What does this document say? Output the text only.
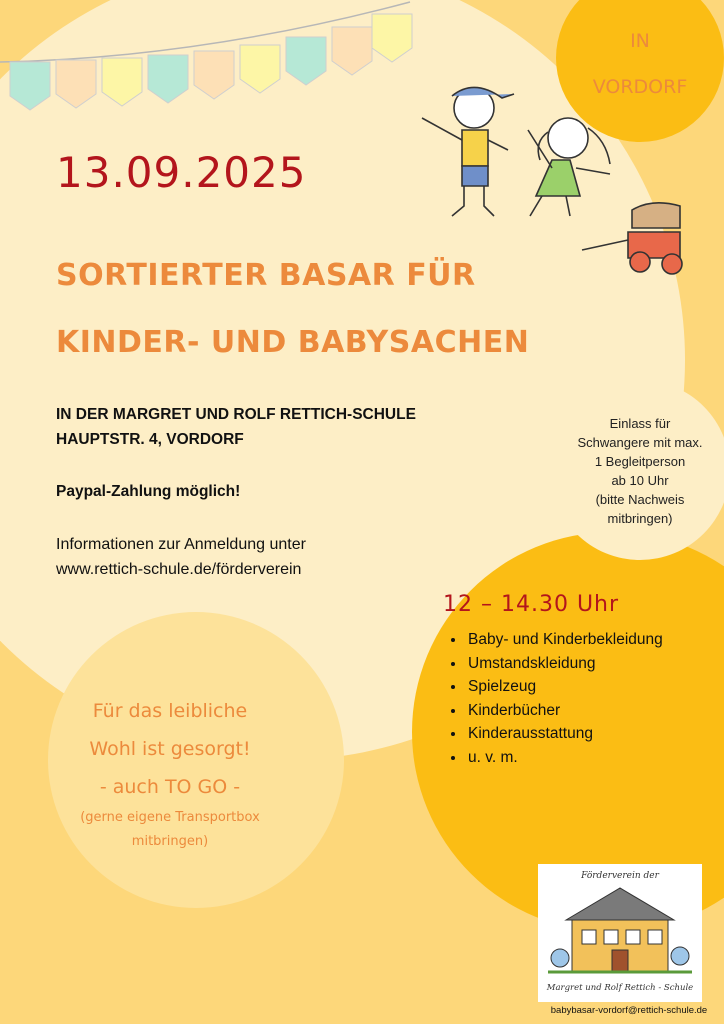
IN
VORDORF
13.09.2025
SORTIERTER BASAR FÜR
KINDER- UND BABYSACHEN
IN DER MARGRET UND ROLF RETTICH-SCHULE
HAUPTSTR. 4, VORDORF
Paypal-Zahlung möglich!
Informationen zur Anmeldung unter
www.rettich-schule.de/förderverein
Einlass für
Schwangere mit max.
1 Begleitperson
ab 10 Uhr
(bitte Nachweis
mitbringen)
12 – 14.30 Uhr
• Baby- und Kinderbekleidung
• Umstandskleidung
• Spielzeug
• Kinderbücher
• Kinderausstattung
• u. v. m.
Für das leibliche
Wohl ist gesorgt!
- auch TO GO -
(gerne eigene Transportbox
mitbringen)
Förderverein der
Margret und Rolf Rettich - Schule
babybasar-vordorf@rettich-schule.de
